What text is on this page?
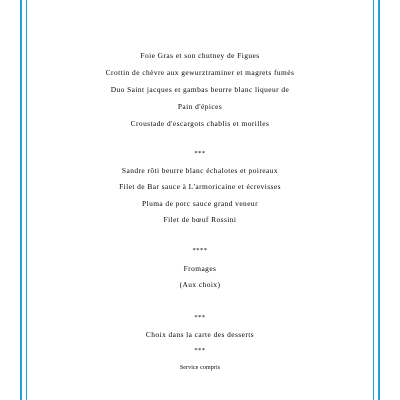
Foie Gras et son chutney de Figues
Crottin de chèvre aux gewurztraminer et magrets fumés
Duo Saint jacques et gambas beurre blanc liqueur de
Pain d'épices
Croustade d'escargots chablis et morilles
***
Sandre rôti beurre blanc échalotes et poireaux
Filet de Bar sauce à L'armoricaine et écrevisses
Pluma de porc sauce grand veneur
Filet de bœuf Rossini
****
Fromages
(Aux choix)
***
Choix dans la carte des desserts
***
Service compris
